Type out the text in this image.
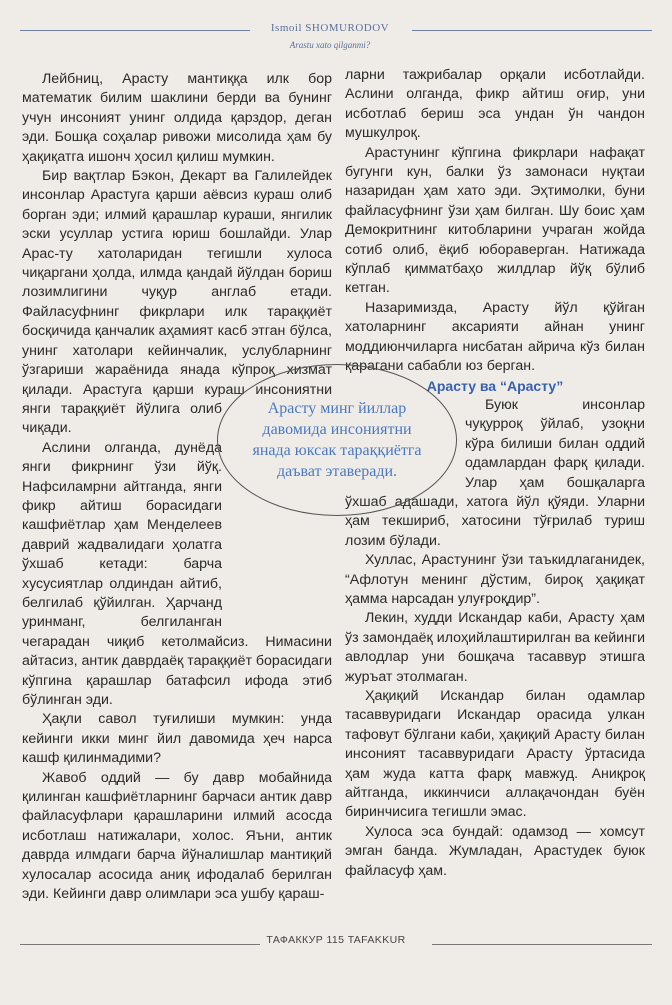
Ismoil SHOMURODOV
Arastu xato qilganmi?

Лейбниц, Арасту мантиққа илк бор математик билим шаклини берди ва бунинг учун инсоният унинг олдида қарздор, деган эди. Бошқа соҳалар ривожи мисолида ҳам бу ҳақиқатга ишонч ҳосил қилиш мумкин.

Бир вақтлар Бэкон, Декарт ва Галилейдек инсонлар Арастуга қарши аёвсиз кураш олиб борган эди; илмий қарашлар кураши, янгилик эски усуллар устига юриш бошлайди. Улар Арас-ту хатоларидан тегишли хулоса чиқаргани ҳолда, илмда қандай йўлдан бориш лозимлигини чуқур англаб етади. Файласуфнинг фикрлари илк тараққиёт босқичида қанчалик аҳамият касб этган бўлса, унинг хатолари кейинчалик, услубларнинг ўзгариши жараёнида янада кўпроқ хизмат қилади. Арастуга қарши кураш инсониятни янги тараққиёт йўлига олиб чиқади.

Аслини олганда, дунёда янги фикрнинг ўзи йўқ. Нафсиламрни айтганда, янги фикр айтиш борасидаги кашфиётлар ҳам Менделеев даврий жадвалидаги ҳолатга ўхшаб кетади: барча хусусиятлар олдиндан айтиб, белгилаб қўйилган. Ҳарчанд уринманг, белгиланган чегарадан чиқиб кетолмайсиз. Нимасини айтасиз, антик даврдаёқ тараққиёт борасидаги кўпгина қарашлар батафсил ифода этиб бўлинган эди.

Ҳақли савол туғилиши мумкин: унда кейинги икки минг йил давомида ҳеч нарса кашф қилинмадими?

Жавоб оддий — бу давр мобайнида қилинган кашфиётларнинг барчаси антик давр файласуфлари қарашларини илмий асосда исботлаш натижалари, холос. Яъни, антик даврда илмдаги барча йўналишлар мантиқий хулосалар асосида аниқ ифодалаб берилган эди. Кейинги давр олимлари эса ушбу қараш-

ларни тажрибалар орқали исботлайди. Аслини олганда, фикр айтиш оғир, уни исботлаб бериш эса ундан ўн чандон мушкулроқ.

Арастунинг кўпгина фикрлари нафақат бугунги кун, балки ўз замонаси нуқтаи назаридан ҳам хато эди. Эҳтимолки, буни файласуфнинг ўзи ҳам билган. Шу боис ҳам Демокритнинг китобларини учраган жойда сотиб олиб, ёқиб юбораверган. Натижада кўплаб қимматбаҳо жилдлар йўқ бўлиб кетган.

Назаримизда, Арасту йўл қўйган хатоларнинг аксарияти айнан унинг моддиюнчиларга нисбатан айрича кўз билан қарагани сабабли юз берган.

Арасту ва “Арасту”

Буюк инсонлар чуқурроқ ўйлаб, узоқни кўра билиши билан оддий одамлардан фарқ қилади. Улар ҳам бошқаларга ўхшаб адашади, хатога йўл қўяди. Уларни ҳам текшириб, хатосини тўғрилаб туриш лозим бўлади.

Хуллас, Арастунинг ўзи таъкидлаганидек, “Афлотун менинг дўстим, бироқ ҳақиқат ҳамма нарсадан улуғроқдир”.

Лекин, худди Искандар каби, Арасту ҳам ўз замондаёқ илоҳийлаштирилган ва кейинги авлодлар уни бошқача тасаввур этишга журъат этолмаган.

Ҳақиқий Искандар билан одамлар тасаввуридаги Искандар орасида улкан тафовут бўлгани каби, ҳақиқий Арасту билан инсоният тасаввуридаги Арасту ўртасида ҳам жуда катта фарқ мавжуд. Аниқроқ айтганда, иккинчиси аллақачондан буён биринчисига тегишли эмас.

Хулоса эса бундай: одамзод — хомсут эмган банда. Жумладан, Арастудек буюк файласуф ҳам.

Арасту минг йиллар давомида инсониятни янада юксак тараққиётга даъват этаверади.
ТАФАККУР 115 TAFAKKUR
